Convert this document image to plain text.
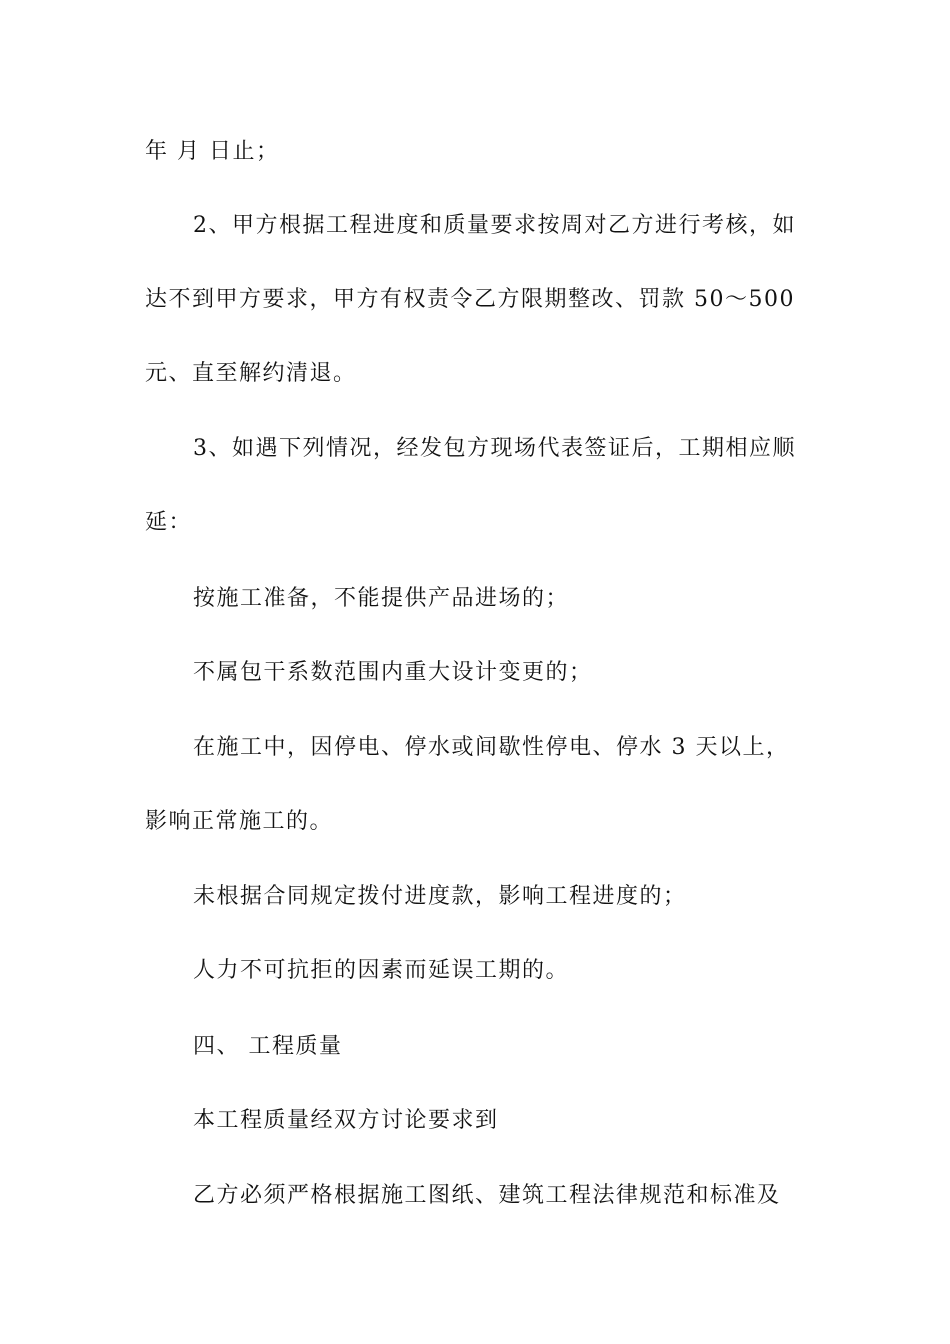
年 月 日止；
2、甲方根据工程进度和质量要求按周对乙方进行考核，如
达不到甲方要求，甲方有权责令乙方限期整改、罚款 50～500
元、直至解约清退。
3、如遇下列情况，经发包方现场代表签证后，工期相应顺
延：
按施工准备，不能提供产品进场的；
不属包干系数范围内重大设计变更的；
在施工中，因停电、停水或间歇性停电、停水 3 天以上，
影响正常施工的。
未根据合同规定拨付进度款，影响工程进度的；
人力不可抗拒的因素而延误工期的。
四、 工程质量
本工程质量经双方讨论要求到
乙方必须严格根据施工图纸、建筑工程法律规范和标准及
